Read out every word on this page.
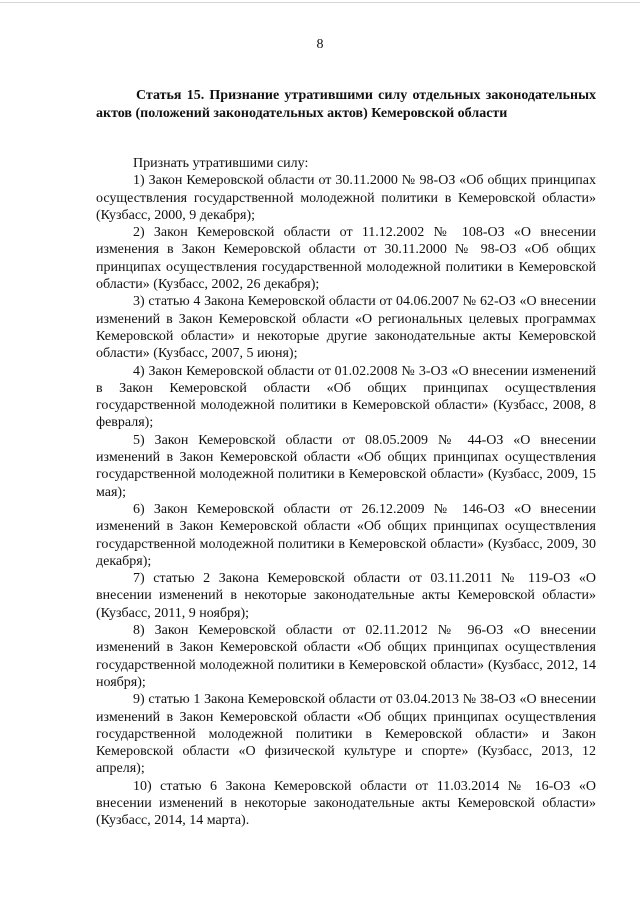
8

Статья 15. Признание утратившими силу отдельных законодательных актов (положений законодательных актов) Кемеровской области

Признать утратившими силу:

1) Закон Кемеровской области от 30.11.2000 № 98-ОЗ «Об общих принципах осуществления государственной молодежной политики в Кемеровской области» (Кузбасс, 2000, 9 декабря);
2) Закон Кемеровской области от 11.12.2002 № 108-ОЗ «О внесении изменения в Закон Кемеровской области от 30.11.2000 № 98-ОЗ «Об общих принципах осуществления государственной молодежной политики в Кемеровской области» (Кузбасс, 2002, 26 декабря);
3) статью 4 Закона Кемеровской области от 04.06.2007 № 62-ОЗ «О внесении изменений в Закон Кемеровской области «О региональных целевых программах Кемеровской области» и некоторые другие законодательные акты Кемеровской области» (Кузбасс, 2007, 5 июня);
4) Закон Кемеровской области от 01.02.2008 № 3-ОЗ «О внесении изменений в Закон Кемеровской области «Об общих принципах осуществления государственной молодежной политики в Кемеровской области» (Кузбасс, 2008, 8 февраля);
5) Закон Кемеровской области от 08.05.2009 № 44-ОЗ «О внесении изменений в Закон Кемеровской области «Об общих принципах осуществления государственной молодежной политики в Кемеровской области» (Кузбасс, 2009, 15 мая);
6) Закон Кемеровской области от 26.12.2009 № 146-ОЗ «О внесении изменений в Закон Кемеровской области «Об общих принципах осуществления государственной молодежной политики в Кемеровской области» (Кузбасс, 2009, 30 декабря);
7) статью 2 Закона Кемеровской области от 03.11.2011 № 119-ОЗ «О внесении изменений в некоторые законодательные акты Кемеровской области» (Кузбасс, 2011, 9 ноября);
8) Закон Кемеровской области от 02.11.2012 № 96-ОЗ «О внесении изменений в Закон Кемеровской области «Об общих принципах осуществления государственной молодежной политики в Кемеровской области» (Кузбасс, 2012, 14 ноября);
9) статью 1 Закона Кемеровской области от 03.04.2013 № 38-ОЗ «О внесении изменений в Закон Кемеровской области «Об общих принципах осуществления государственной молодежной политики в Кемеровской области» и Закон Кемеровской области «О физической культуре и спорте» (Кузбасс, 2013, 12 апреля);
10) статью 6 Закона Кемеровской области от 11.03.2014 № 16-ОЗ «О внесении изменений в некоторые законодательные акты Кемеровской области» (Кузбасс, 2014, 14 марта).
